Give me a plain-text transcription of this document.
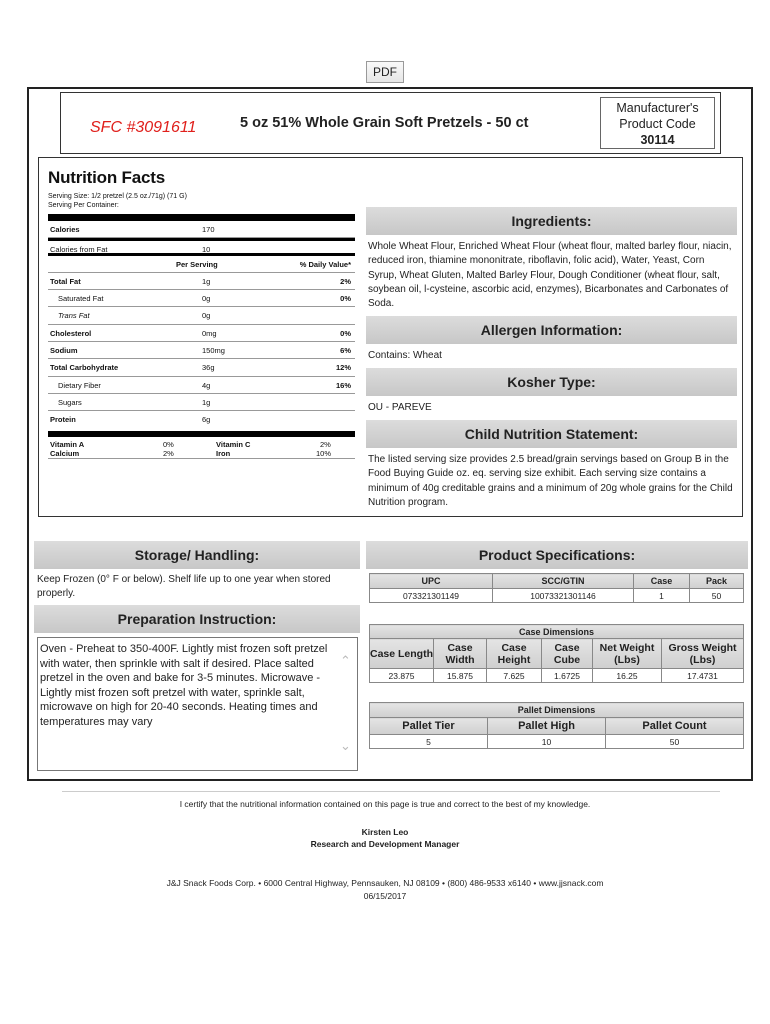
PDF
SFC #3091611	5 oz 51% Whole Grain Soft Pretzels - 50 ct
Manufacturer's
Product Code
30114
Nutrition Facts
Serving Size: 1/2 pretzel (2.5 oz./71g) (71 G)
Serving Per Container:
Calories	170
Calories from Fat	10
Per Serving	% Daily Value*
Total Fat	1g	2%
Saturated Fat	0g	0%
Trans Fat	0g
Cholesterol	0mg	0%
Sodium	150mg	6%
Total Carbohydrate	36g	12%
Dietary Fiber	4g	16%
Sugars	1g
Protein	6g
Vitamin A	0%	Vitamin C	2%
Calcium	2%	Iron	10%
Ingredients:
Whole Wheat Flour, Enriched Wheat Flour (wheat flour, malted barley flour, niacin, reduced iron, thiamine mononitrate, riboflavin, folic acid), Water, Yeast, Corn Syrup, Wheat Gluten, Malted Barley Flour, Dough Conditioner (wheat flour, salt, soybean oil, l-cysteine, ascorbic acid, enzymes), Bicarbonates and Carbonates of Soda.
Allergen Information:
Contains: Wheat
Kosher Type:
OU - PAREVE
Child Nutrition Statement:
The listed serving size provides 2.5 bread/grain servings based on Group B in the Food Buying Guide oz. eq. serving size exhibit. Each serving size contains a minimum of 40g creditable grains and a minimum of 20g whole grains for the Child Nutrition program.
Storage/ Handling:
Keep Frozen (0° F or below). Shelf life up to one year when stored properly.
Preparation Instruction:
Oven - Preheat to 350-400F. Lightly mist frozen soft pretzel with water, then sprinkle with salt if desired. Place salted pretzel in the oven and bake for 3-5 minutes. Microwave - Lightly mist frozen soft pretzel with water, sprinkle salt, microwave on high for 20-40 seconds. Heating times and temperatures may vary
⌃
⌄
Product Specifications:
UPC	SCC/GTIN	Case	Pack
073321301149	10073321301146	1	50
Case Dimensions					
Case Length	Case Width	Case Height	Case Cube	Net Weight (Lbs)	Gross Weight (Lbs)
23.875	15.875	7.625	1.6725	16.25	17.4731
Pallet Dimensions		
Pallet Tier	Pallet High	Pallet Count
5	10	50
I certify that the nutritional information contained on this page is true and correct to the best of my knowledge.
Kirsten Leo
Research and Development Manager
J&J Snack Foods Corp. • 6000 Central Highway, Pennsauken, NJ 08109 • (800) 486-9533 x6140 • www.jjsnack.com
06/15/2017
